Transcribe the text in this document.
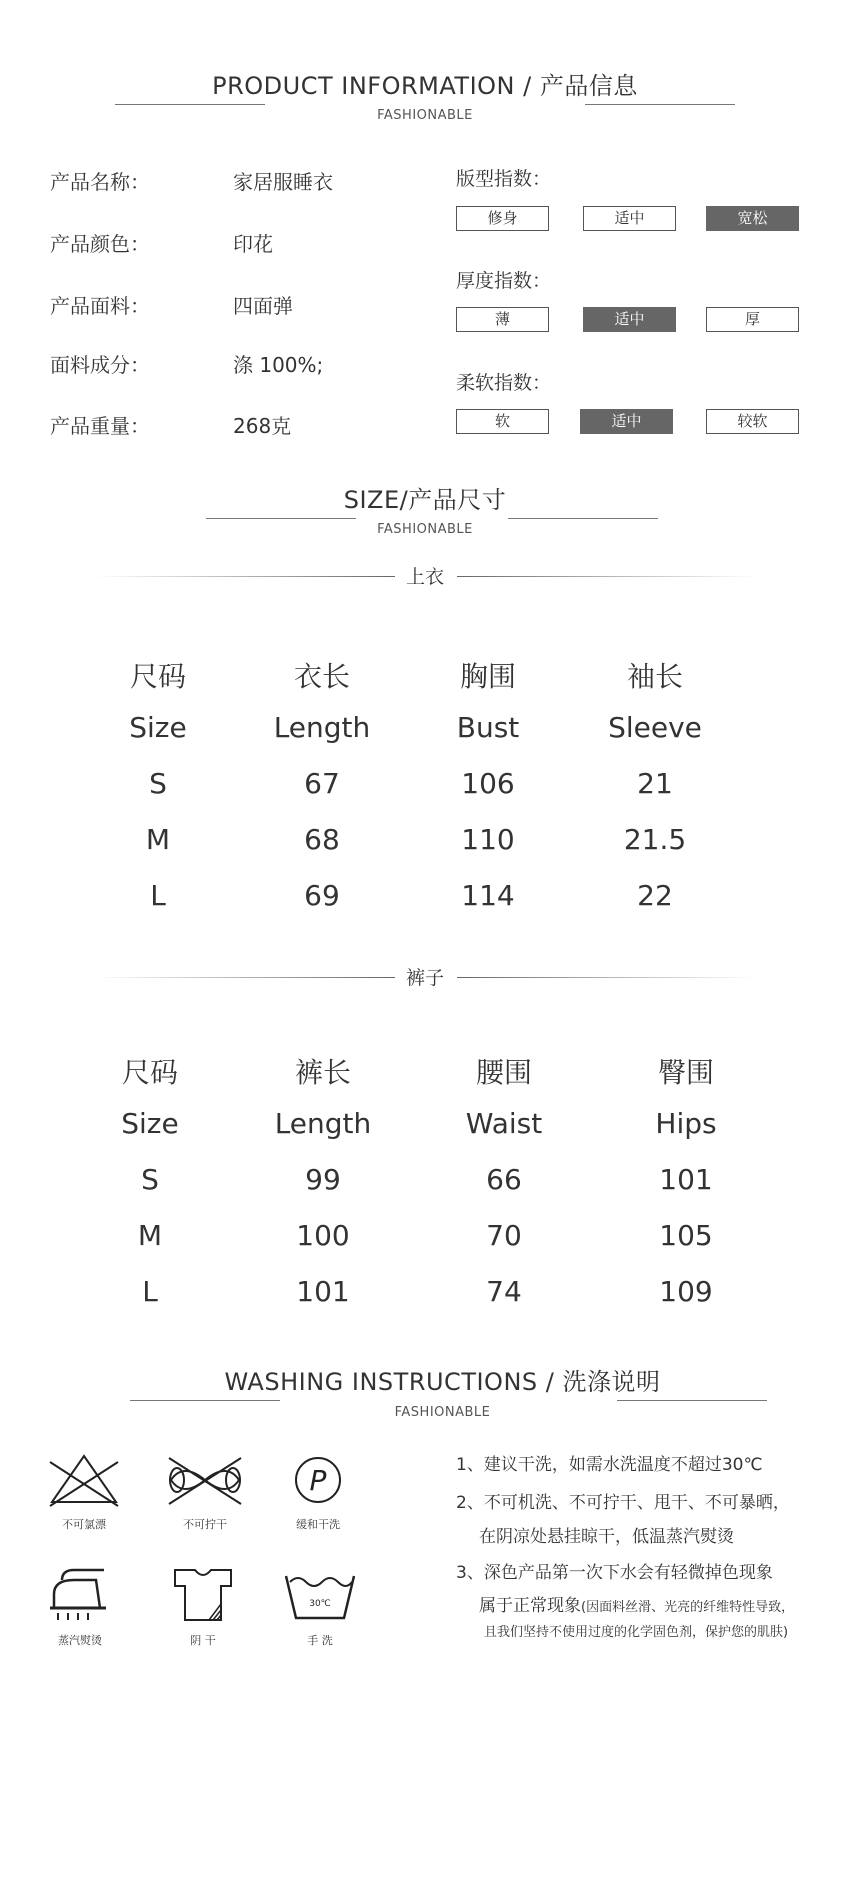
PRODUCT INFORMATION / 产品信息
FASHIONABLE
产品名称：	家居服睡衣
产品颜色：	印花
产品面料：	四面弹
面料成分：	涤 100%;
产品重量：	268克
版型指数：
修身	适中	宽松
厚度指数：
薄	适中	厚
柔软指数：
软	适中	较软
SIZE/产品尺寸
FASHIONABLE
上衣
尺码	衣长	胸围	袖长
Size	Length	Bust	Sleeve
S	67	106	21
M	68	110	21.5
L	69	114	22
裤子
尺码	裤长	腰围	臀围
Size	Length	Waist	Hips
S	99	66	101
M	100	70	105
L	101	74	109
WASHING INSTRUCTIONS / 洗涤说明
FASHIONABLE
不可氯漂	不可拧干
P
缓和干洗
蒸汽熨烫	阴 干
30℃
手 洗
1、建议干洗，如需水洗温度不超过30℃
2、不可机洗、不可拧干、甩干、不可暴晒，
在阴凉处悬挂晾干，低温蒸汽熨烫
3、深色产品第一次下水会有轻微掉色现象
属于正常现象(因面料丝滑、光亮的纤维特性导致，
且我们坚持不使用过度的化学固色剂，保护您的肌肤)
